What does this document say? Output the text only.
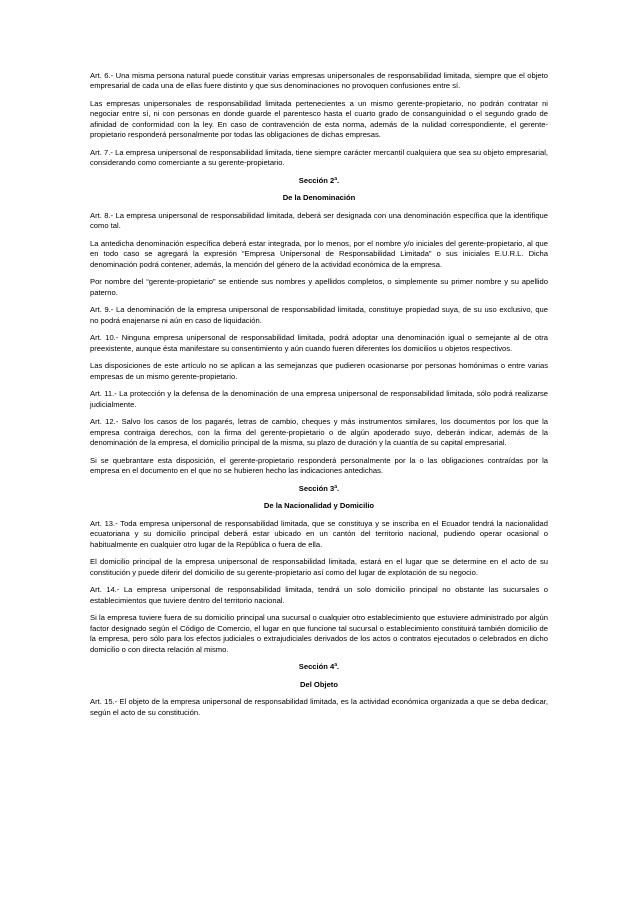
Art. 6.- Una misma persona natural puede constituir varias empresas unipersonales de responsabilidad limitada, siempre que el objeto empresarial de cada una de ellas fuere distinto y que sus denominaciones no provoquen confusiones entre sí.

Las empresas unipersonales de responsabilidad limitada pertenecientes a un mismo gerente-propietario, no podrán contratar ni negociar entre sí, ni con personas en donde guarde el parentesco hasta el cuarto grado de consanguinidad o el segundo grado de afinidad de conformidad con la ley. En caso de contravención de esta norma, además de la nulidad correspondiente, el gerente-propietario responderá personalmente por todas las obligaciones de dichas empresas.

Art. 7.- La empresa unipersonal de responsabilidad limitada, tiene siempre carácter mercantil cualquiera que sea su objeto empresarial, considerando como comerciante a su gerente-propietario.

Sección 2ª.

De la Denominación

Art. 8.- La empresa unipersonal de responsabilidad limitada, deberá ser designada con una denominación específica que la identifique como tal.

La antedicha denominación específica deberá estar integrada, por lo menos, por el nombre y/o iniciales del gerente-propietario, al que en todo caso se agregará la expresión “Empresa Unipersonal de Responsabilidad Limitada” o sus iniciales E.U.R.L. Dicha denominación podrá contener, además, la mención del género de la actividad económica de la empresa.

Por nombre del “gerente-propietario” se entiende sus nombres y apellidos completos, o simplemente su primer nombre y su apellido paterno.

Art. 9.- La denominación de la empresa unipersonal de responsabilidad limitada, constituye propiedad suya, de su uso exclusivo, que no podrá enajenarse ni aún en caso de liquidación.

Art. 10.- Ninguna empresa unipersonal de responsabilidad limitada, podrá adoptar una denominación igual o semejante al de otra preexistente, aunque ésta manifestare su consentimiento y aún cuando fueren diferentes los domicilios u objetos respectivos.

Las disposiciones de este artículo no se aplican a las semejanzas que pudieren ocasionarse por personas homónimas o entre varias empresas de un mismo gerente-propietario.

Art. 11.- La protección y la defensa de la denominación de una empresa unipersonal de responsabilidad limitada, sólo podrá realizarse judicialmente.

Art. 12.- Salvo los casos de los pagarés, letras de cambio, cheques y más instrumentos similares, los documentos por los que la empresa contraiga derechos, con la firma del gerente-propietario o de algún apoderado suyo, deberán indicar, además de la denominación de la empresa, el domicilio principal de la misma, su plazo de duración y la cuantía de su capital empresarial.

Si se quebrantare esta disposición, el gerente-propietario responderá personalmente por la o las obligaciones contraídas por la empresa en el documento en el que no se hubieren hecho las indicaciones antedichas.

Sección 3ª.

De la Nacionalidad y Domicilio

Art. 13.- Toda empresa unipersonal de responsabilidad limitada, que se constituya y se inscriba en el Ecuador tendrá la nacionalidad ecuatoriana y su domicilio principal deberá estar ubicado en un cantón del territorio nacional, pudiendo operar ocasional o habitualmente en cualquier otro lugar de la República o fuera de ella.

El domicilio principal de la empresa unipersonal de responsabilidad limitada, estará en el lugar que se determine en el acto de su constitución y puede diferir del domicilio de su gerente-propietario así como del lugar de explotación de su negocio.

Art. 14.- La empresa unipersonal de responsabilidad limitada, tendrá un solo domicilio principal no obstante las sucursales o establecimientos que tuviere dentro del territorio nacional.

Si la empresa tuviere fuera de su domicilio principal una sucursal o cualquier otro establecimiento que estuviere administrado por algún factor designado según el Código de Comercio, el lugar en que funcione tal sucursal o establecimiento constituirá también domicilio de la empresa, pero sólo para los efectos judiciales o extrajudiciales derivados de los actos o contratos ejecutados o celebrados en dicho domicilio o con directa relación al mismo.

Sección 4ª.

Del Objeto

Art. 15.- El objeto de la empresa unipersonal de responsabilidad limitada, es la actividad económica organizada a que se deba dedicar, según el acto de su constitución.
